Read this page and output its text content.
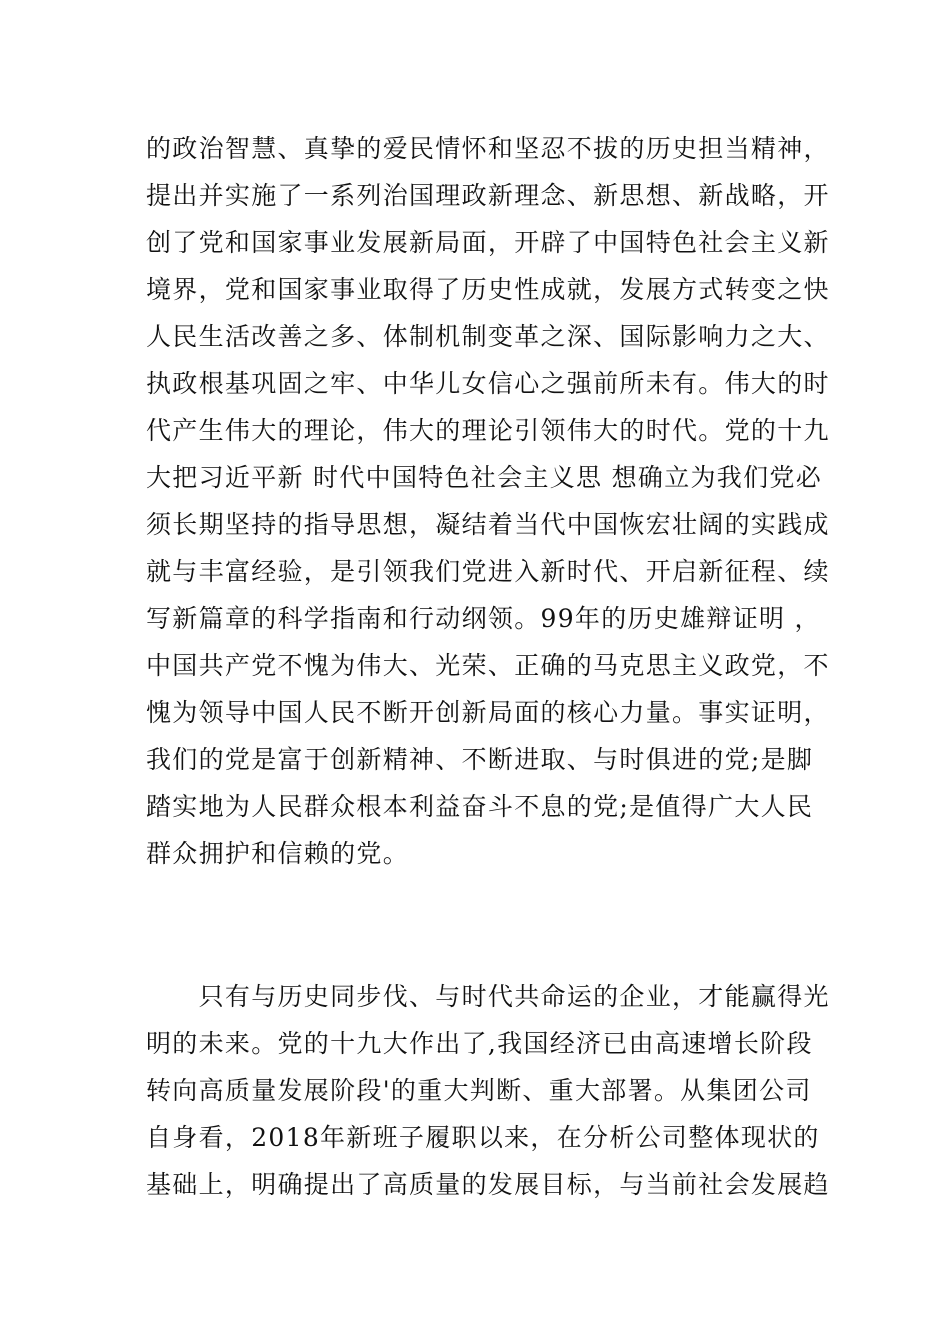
的政治智慧、真挚的爱民情怀和坚忍不拔的历史担当精神，
提出并实施了一系列治国理政新理念、新思想、新战略，开
创了党和国家事业发展新局面，开辟了中国特色社会主义新
境界，党和国家事业取得了历史性成就，发展方式转变之快
人民生活改善之多、体制机制变革之深、国际影响力之大、
执政根基巩固之牢、中华儿女信心之强前所未有。伟大的时
代产生伟大的理论，伟大的理论引领伟大的时代。党的十九
大把习近平新 时代中国特色社会主义思 想确立为我们党必
须长期坚持的指导思想，凝结着当代中国恢宏壮阔的实践成
就与丰富经验，是引领我们党进入新时代、开启新征程、续
写新篇章的科学指南和行动纲领。99年的历史雄辩证明 ，
中国共产党不愧为伟大、光荣、正确的马克思主义政党，不
愧为领导中国人民不断开创新局面的核心力量。事实证明，
我们的党是富于创新精神、不断进取、与时俱进的党;是脚
踏实地为人民群众根本利益奋斗不息的党;是值得广大人民
群众拥护和信赖的党。
　　只有与历史同步伐、与时代共命运的企业，才能赢得光
明的未来。党的十九大作出了,我国经济已由高速增长阶段
转向高质量发展阶段'的重大判断、重大部署。从集团公司
自身看，2018年新班子履职以来，在分析公司整体现状的
基础上，明确提出了高质量的发展目标，与当前社会发展趋
